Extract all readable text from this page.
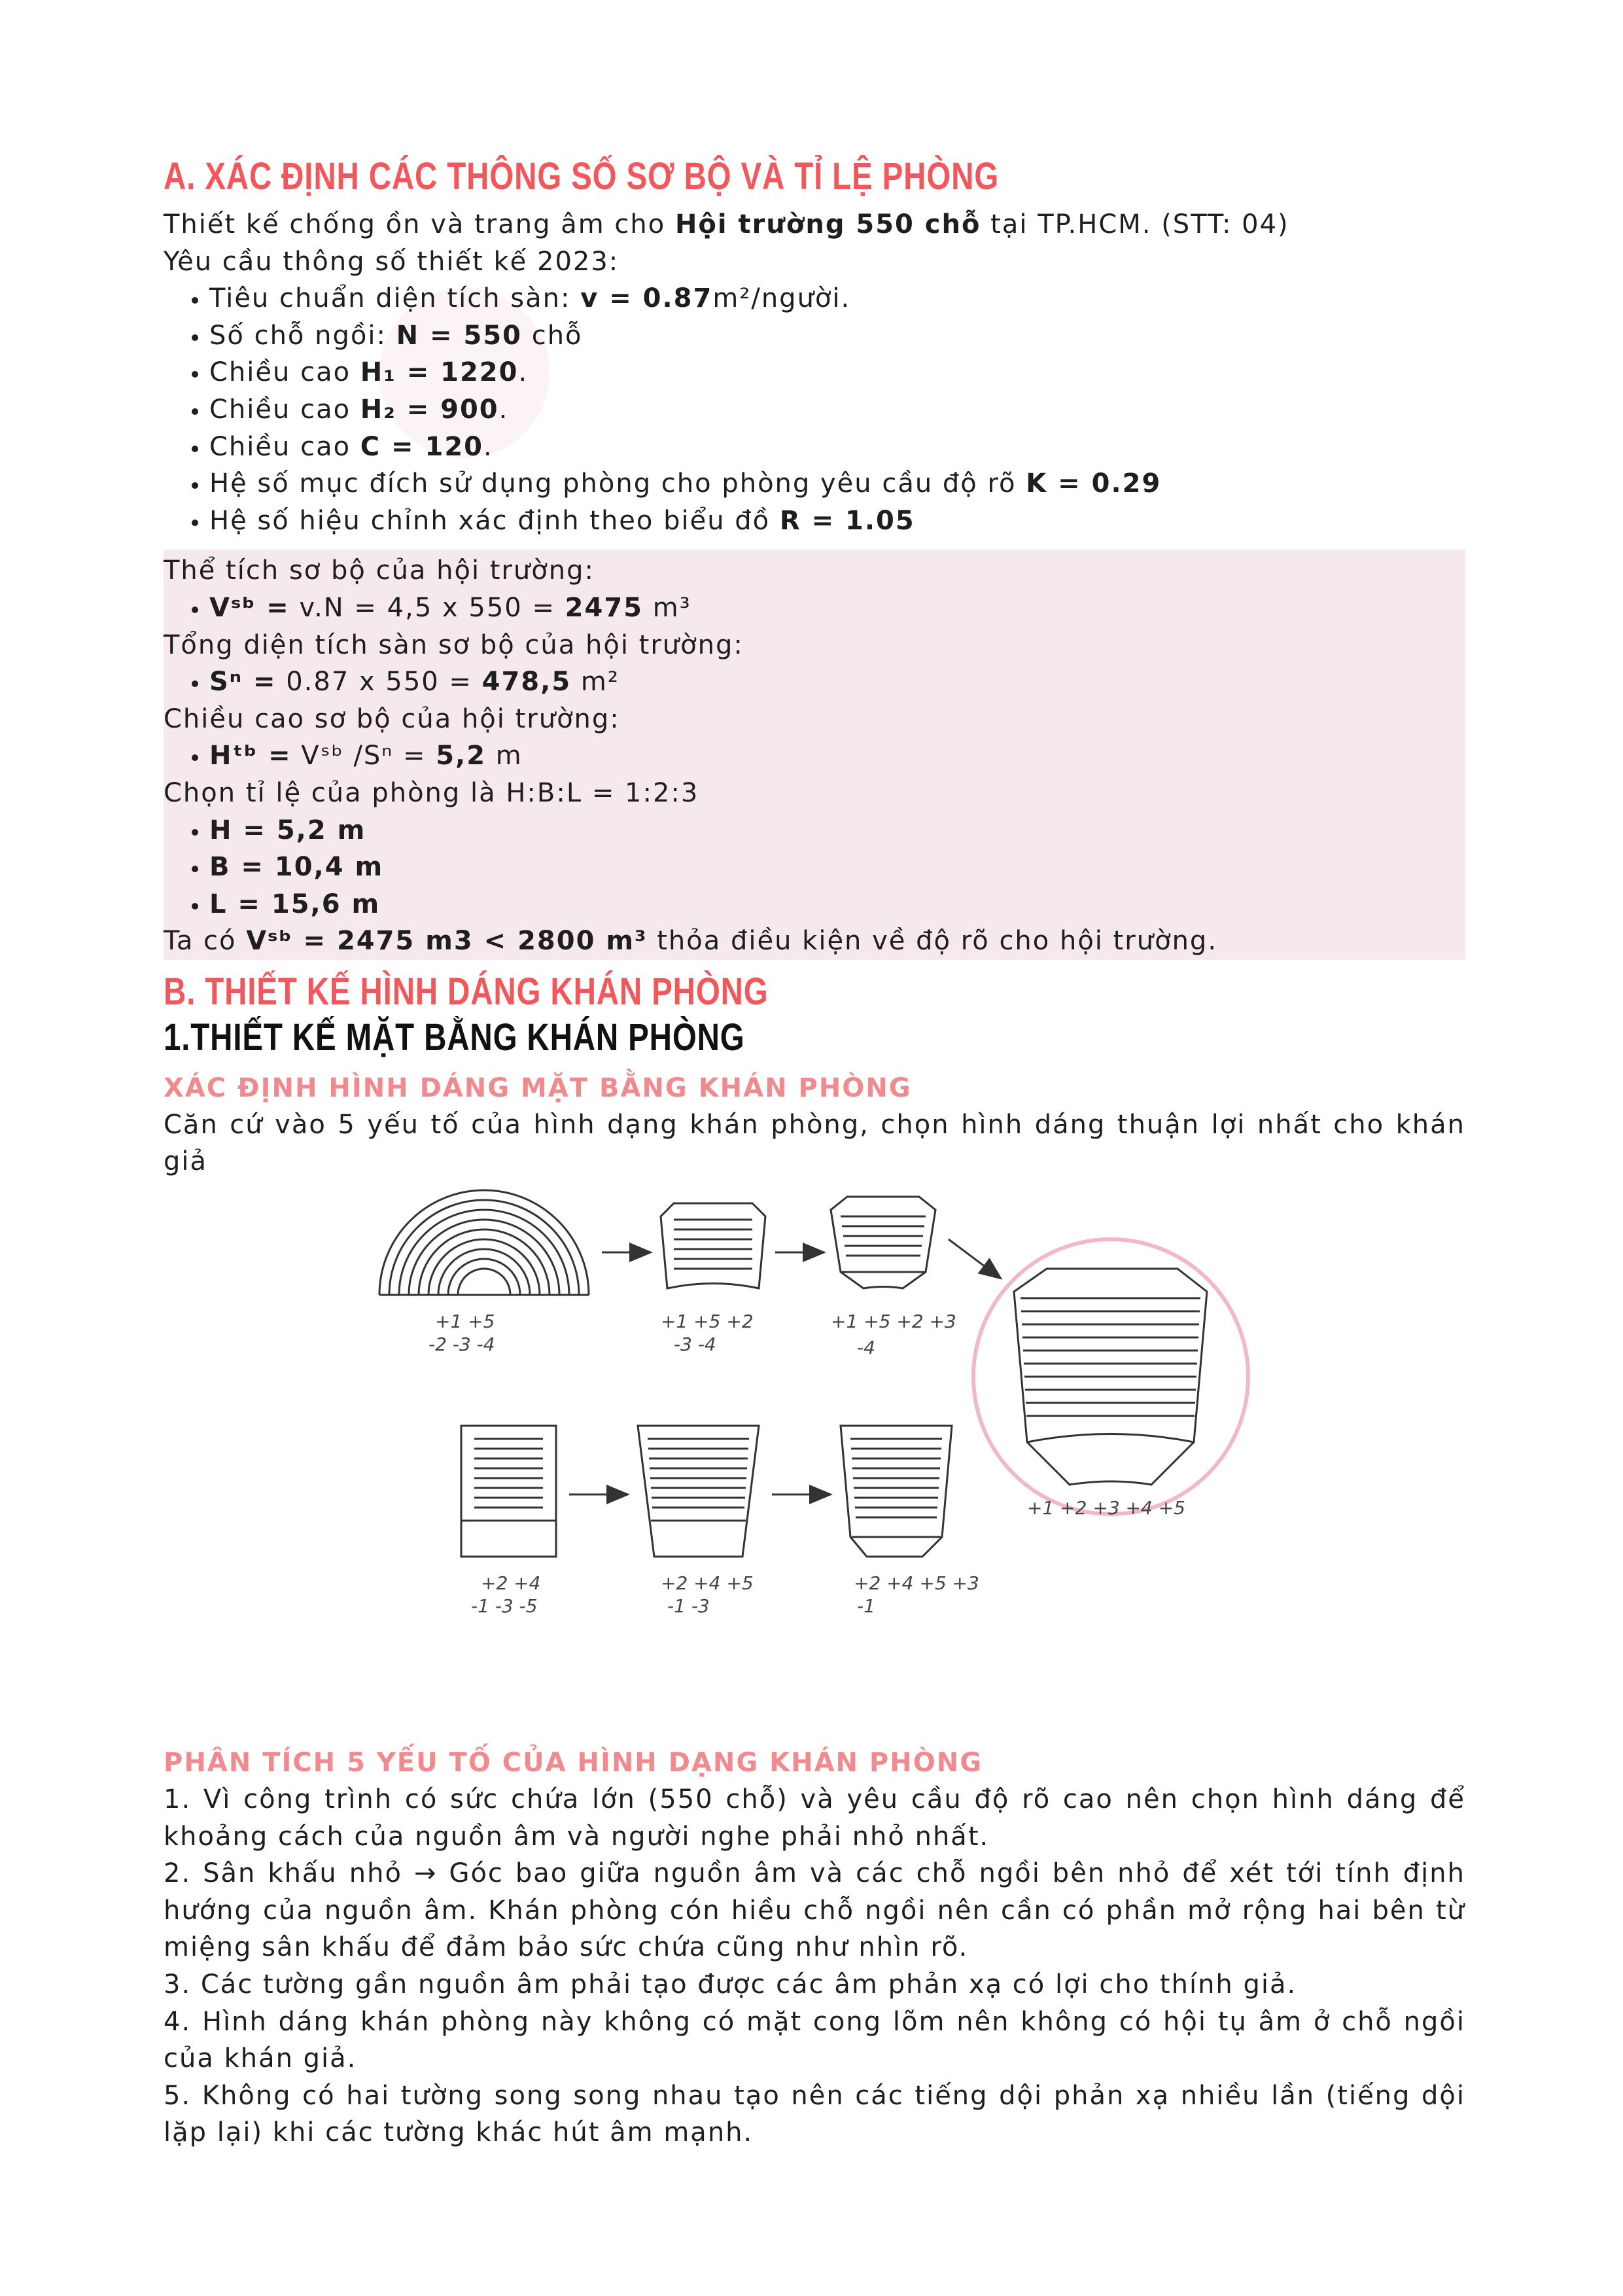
A. XÁC ĐỊNH CÁC THÔNG SỐ SƠ BỘ VÀ TỈ LỆ PHÒNG

Thiết kế chống ồn và trang âm cho Hội trường 550 chỗ tại TP.HCM. (STT: 04)

Yêu cầu thông số thiết kế 2023:

• Tiêu chuẩn diện tích sàn: v = 0.87m²/người.
• Số chỗ ngồi: N = 550 chỗ
• Chiều cao H₁ = 1220.
• Chiều cao H₂ = 900.
• Chiều cao C = 120.
• Hệ số mục đích sử dụng phòng cho phòng yêu cầu độ rõ K = 0.29
• Hệ số hiệu chỉnh xác định theo biểu đồ R = 1.05

Thể tích sơ bộ của hội trường:

• Vˢᵇ = v.N = 4,5 x 550 = 2475 m³

Tổng diện tích sàn sơ bộ của hội trường:

• Sⁿ = 0.87 x 550 = 478,5 m²

Chiều cao sơ bộ của hội trường:

• Hᵗᵇ = Vˢᵇ /Sⁿ = 5,2 m

Chọn tỉ lệ của phòng là H:B:L = 1:2:3

• H = 5,2 m
• B = 10,4 m
• L = 15,6 m

Ta có Vˢᵇ = 2475 m3 < 2800 m³ thỏa điều kiện về độ rõ cho hội trường.

B. THIẾT KẾ HÌNH DÁNG KHÁN PHÒNG
1.THIẾT KẾ MẶT BẰNG KHÁN PHÒNG

XÁC ĐỊNH HÌNH DÁNG MẶT BẰNG KHÁN PHÒNG

Căn cứ vào 5 yếu tố của hình dạng khán phòng, chọn hình dáng thuận lợi nhất cho khán giả

+1 +5
-2 -3 -4
+1 +5 +2
-3 -4
+1 +5 +2 +3
-4
+1 +2 +3 +4 +5
+2 +4
-1 -3 -5
+2 +4 +5
-1 -3
+2 +4 +5 +3
-1

PHÂN TÍCH 5 YẾU TỐ CỦA HÌNH DẠNG KHÁN PHÒNG

1. Vì công trình có sức chứa lớn (550 chỗ) và yêu cầu độ rõ cao nên chọn hình dáng để khoảng cách của nguồn âm và người nghe phải nhỏ nhất.

2. Sân khấu nhỏ → Góc bao giữa nguồn âm và các chỗ ngồi bên nhỏ để xét tới tính định hướng của nguồn âm. Khán phòng cón hiều chỗ ngồi nên cần có phần mở rộng hai bên từ miệng sân khấu để đảm bảo sức chứa cũng như nhìn rõ.

3. Các tường gần nguồn âm phải tạo được các âm phản xạ có lợi cho thính giả.

4. Hình dáng khán phòng này không có mặt cong lõm nên không có hội tụ âm ở chỗ ngồi của khán giả.

5. Không có hai tường song song nhau tạo nên các tiếng dội phản xạ nhiều lần (tiếng dội lặp lại) khi các tường khác hút âm mạnh.
